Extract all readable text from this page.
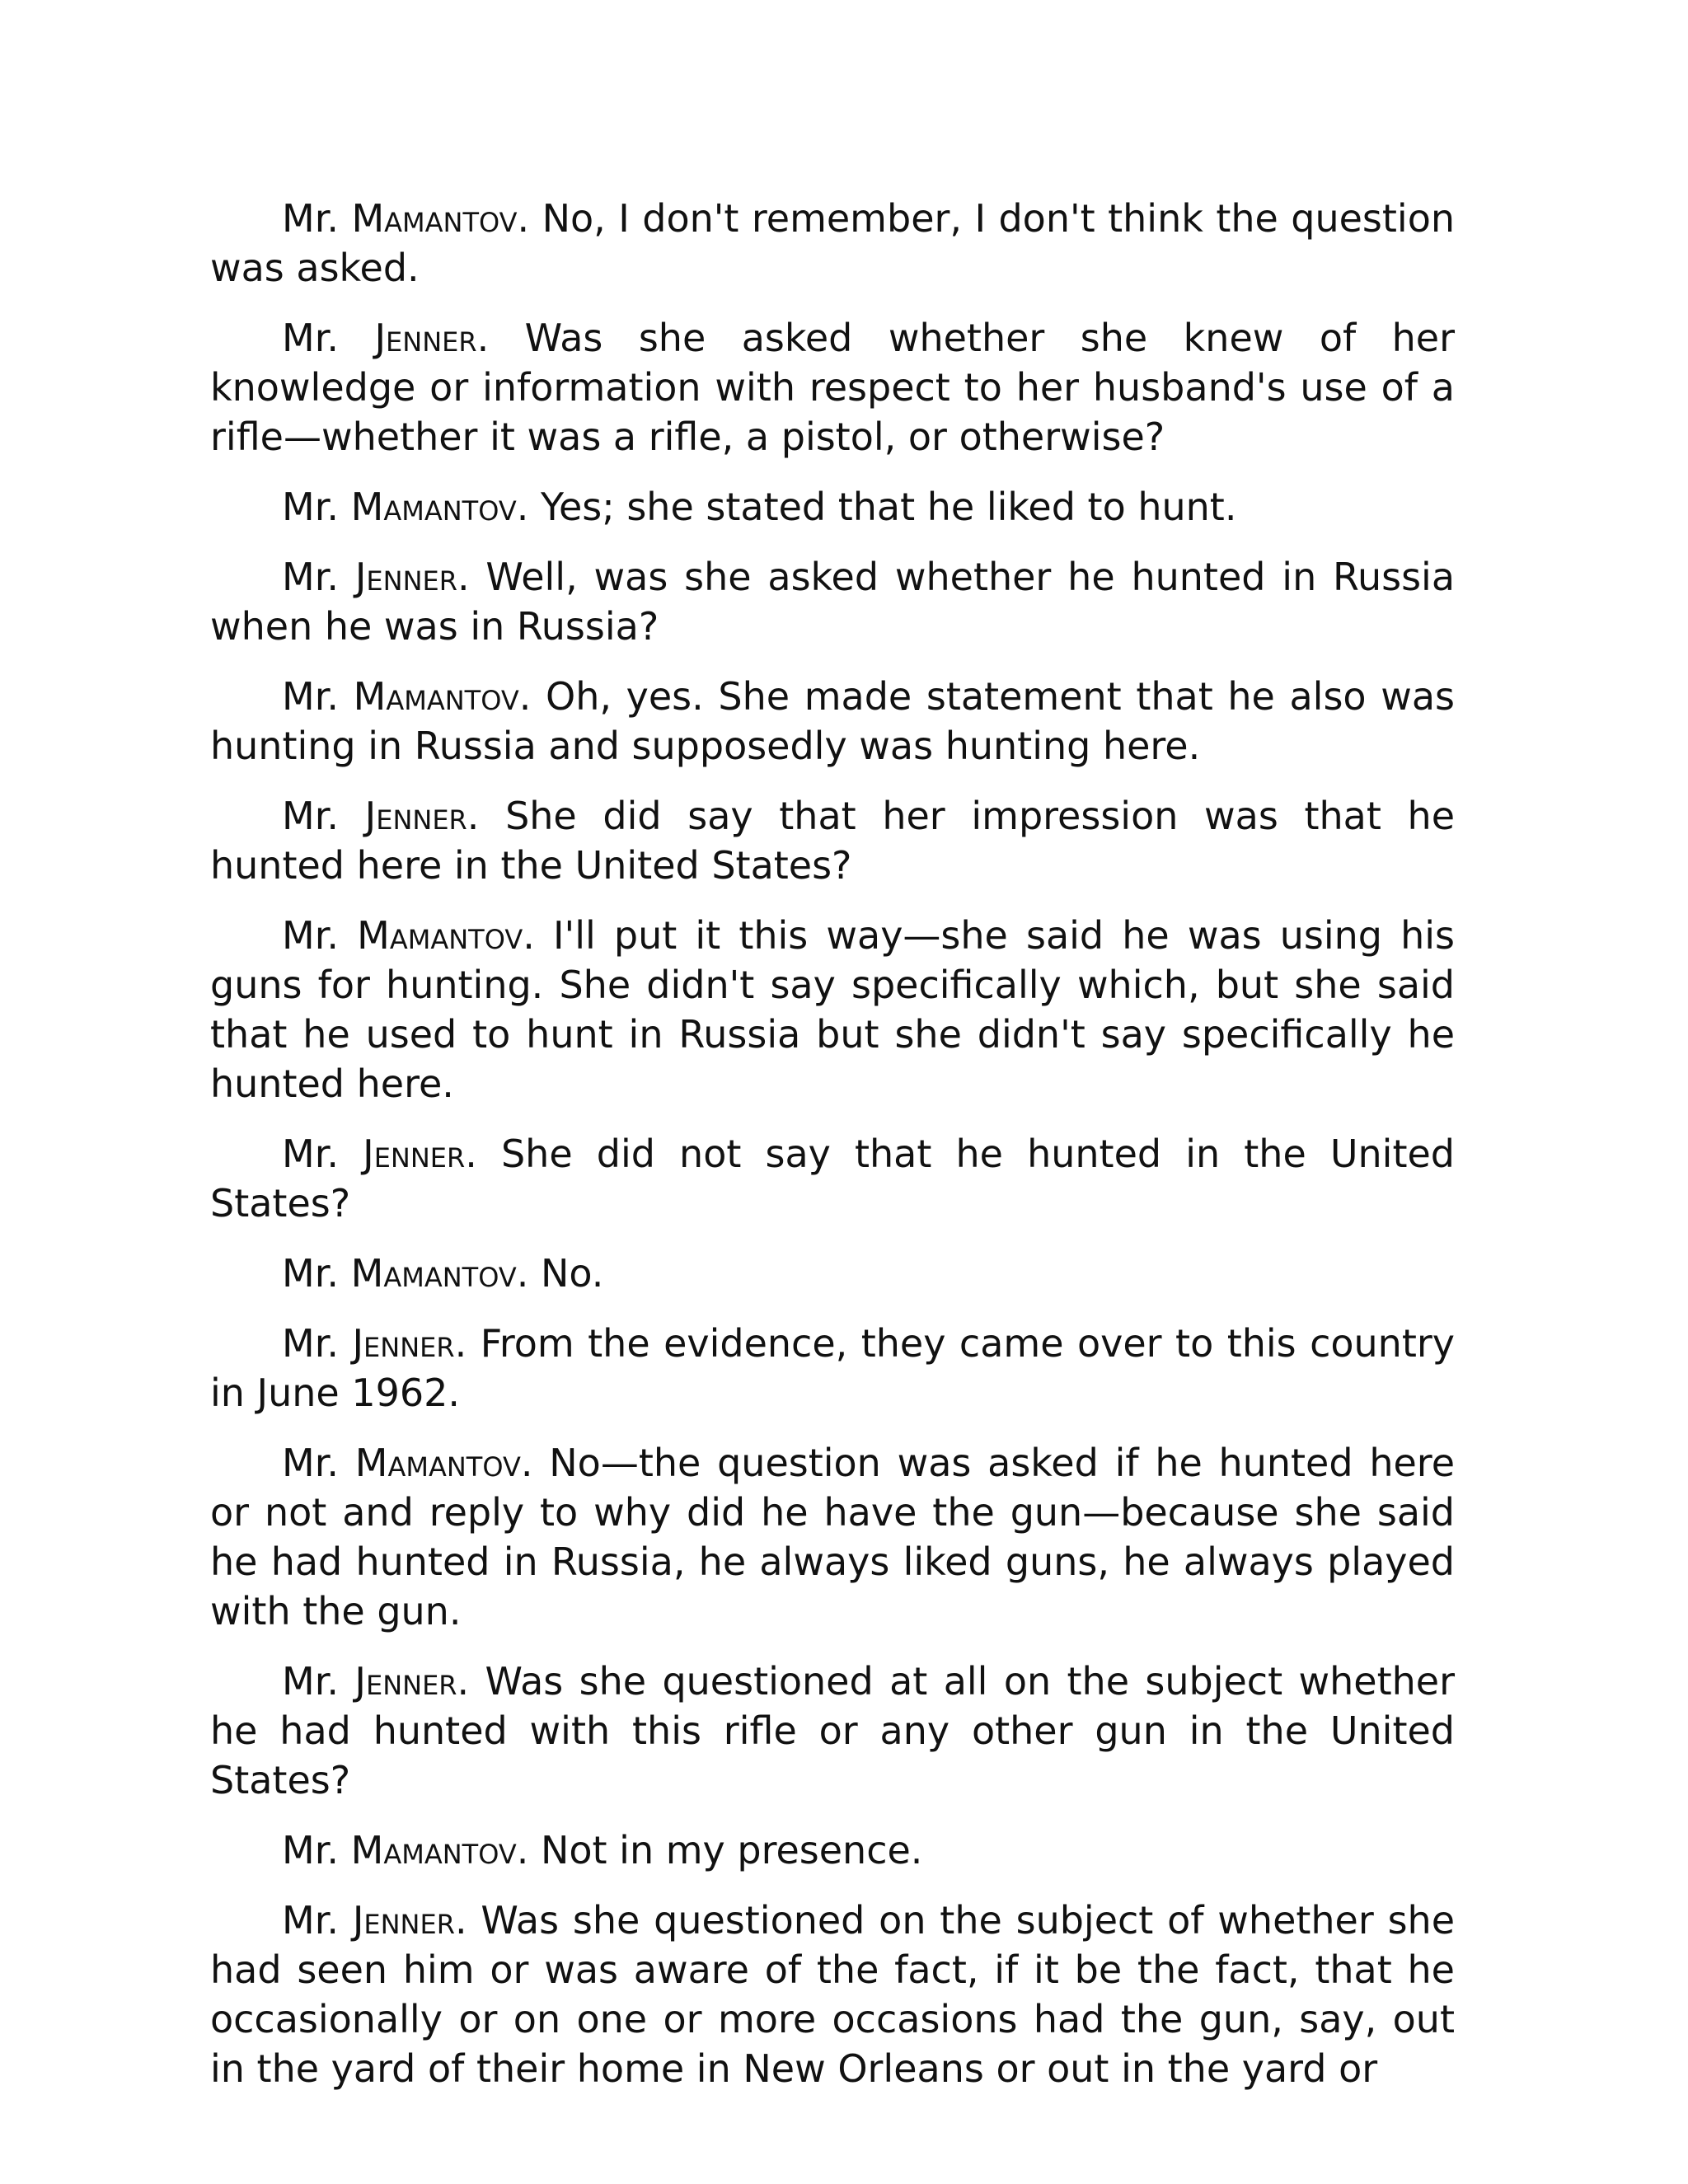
Mr. Mamantov. No, I don't remember, I don't think the question was asked.

Mr. Jenner. Was she asked whether she knew of her knowledge or information with respect to her husband's use of a rifle—whether it was a rifle, a pistol, or otherwise?

Mr. Mamantov. Yes; she stated that he liked to hunt.

Mr. Jenner. Well, was she asked whether he hunted in Russia when he was in Russia?

Mr. Mamantov. Oh, yes. She made statement that he also was hunting in Russia and supposedly was hunting here.

Mr. Jenner. She did say that her impression was that he hunted here in the United States?

Mr. Mamantov. I'll put it this way—she said he was using his guns for hunting. She didn't say specifically which, but she said that he used to hunt in Russia but she didn't say specifically he hunted here.

Mr. Jenner. She did not say that he hunted in the United States?

Mr. Mamantov. No.

Mr. Jenner. From the evidence, they came over to this country in June 1962.

Mr. Mamantov. No—the question was asked if he hunted here or not and reply to why did he have the gun—because she said he had hunted in Russia, he always liked guns, he always played with the gun.

Mr. Jenner. Was she questioned at all on the subject whether he had hunted with this rifle or any other gun in the United States?

Mr. Mamantov. Not in my presence.

Mr. Jenner. Was she questioned on the subject of whether she had seen him or was aware of the fact, if it be the fact, that he occasionally or on one or more occasions had the gun, say, out in the yard of their home in New Orleans or out in the yard or
